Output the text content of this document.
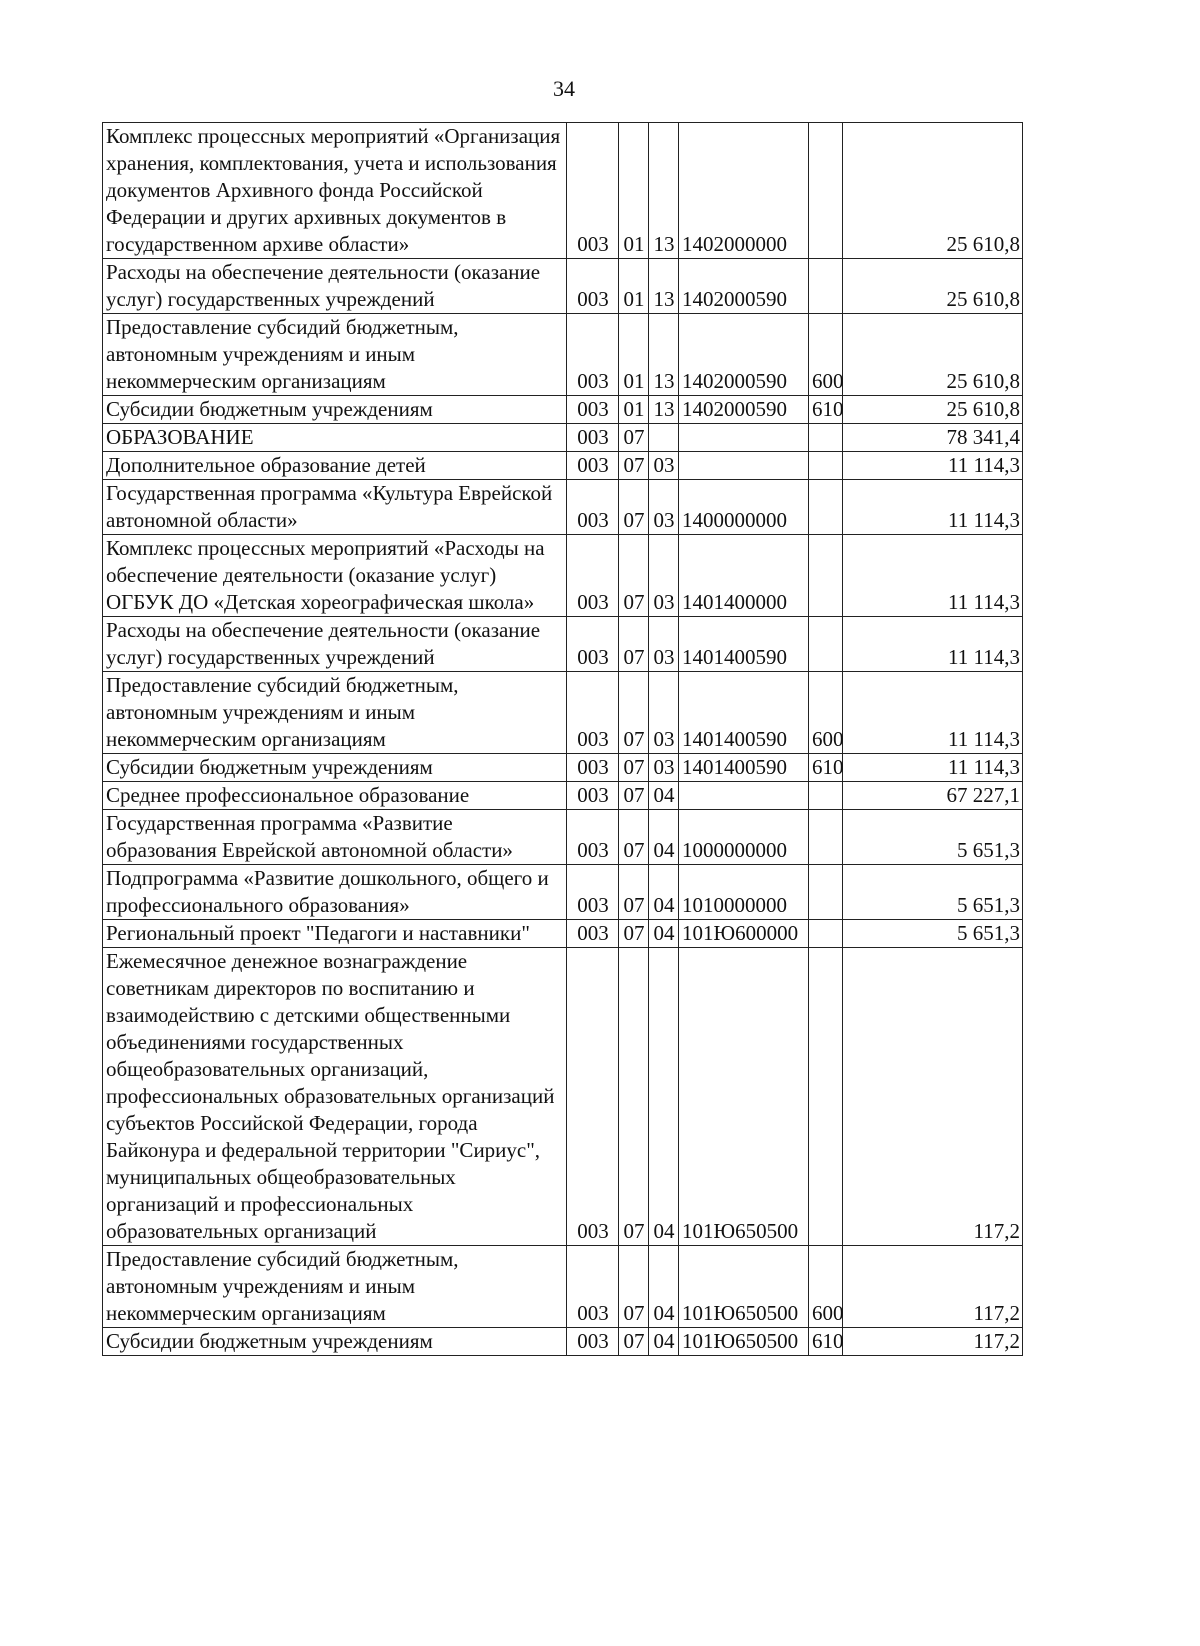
34
Комплекс процессных мероприятий «Организация хранения, комплектования, учета и использования документов Архивного фонда Российской Федерации и других архивных документов в государственном архиве области»	003	01	13	1402000000		25 610,8
Расходы на обеспечение деятельности (оказание услуг) государственных учреждений	003	01	13	1402000590		25 610,8
Предоставление субсидий бюджетным, автономным учреждениям и иным некоммерческим организациям	003	01	13	1402000590	600	25 610,8
Субсидии бюджетным учреждениям	003	01	13	1402000590	610	25 610,8
ОБРАЗОВАНИЕ	003	07				78 341,4
Дополнительное образование детей	003	07	03			11 114,3
Государственная программа «Культура Еврейской автономной области»	003	07	03	1400000000		11 114,3
Комплекс процессных мероприятий «Расходы на обеспечение деятельности (оказание услуг) ОГБУК ДО «Детская хореографическая школа»	003	07	03	1401400000		11 114,3
Расходы на обеспечение деятельности (оказание услуг) государственных учреждений	003	07	03	1401400590		11 114,3
Предоставление субсидий бюджетным, автономным учреждениям и иным некоммерческим организациям	003	07	03	1401400590	600	11 114,3
Субсидии бюджетным учреждениям	003	07	03	1401400590	610	11 114,3
Среднее профессиональное образование	003	07	04			67 227,1
Государственная программа «Развитие образования Еврейской автономной области»	003	07	04	1000000000		5 651,3
Подпрограмма «Развитие дошкольного, общего и профессионального образования»	003	07	04	1010000000		5 651,3
Региональный проект "Педагоги и наставники"	003	07	04	101Ю600000		5 651,3
Ежемесячное денежное вознаграждение советникам директоров по воспитанию и взаимодействию с детскими общественными объединениями государственных общеобразовательных организаций, профессиональных образовательных организаций субъектов Российской Федерации, города Байконура и федеральной территории "Сириус", муниципальных общеобразовательных организаций и профессиональных образовательных организаций	003	07	04	101Ю650500		117,2
Предоставление субсидий бюджетным, автономным учреждениям и иным некоммерческим организациям	003	07	04	101Ю650500	600	117,2
Субсидии бюджетным учреждениям	003	07	04	101Ю650500	610	117,2
